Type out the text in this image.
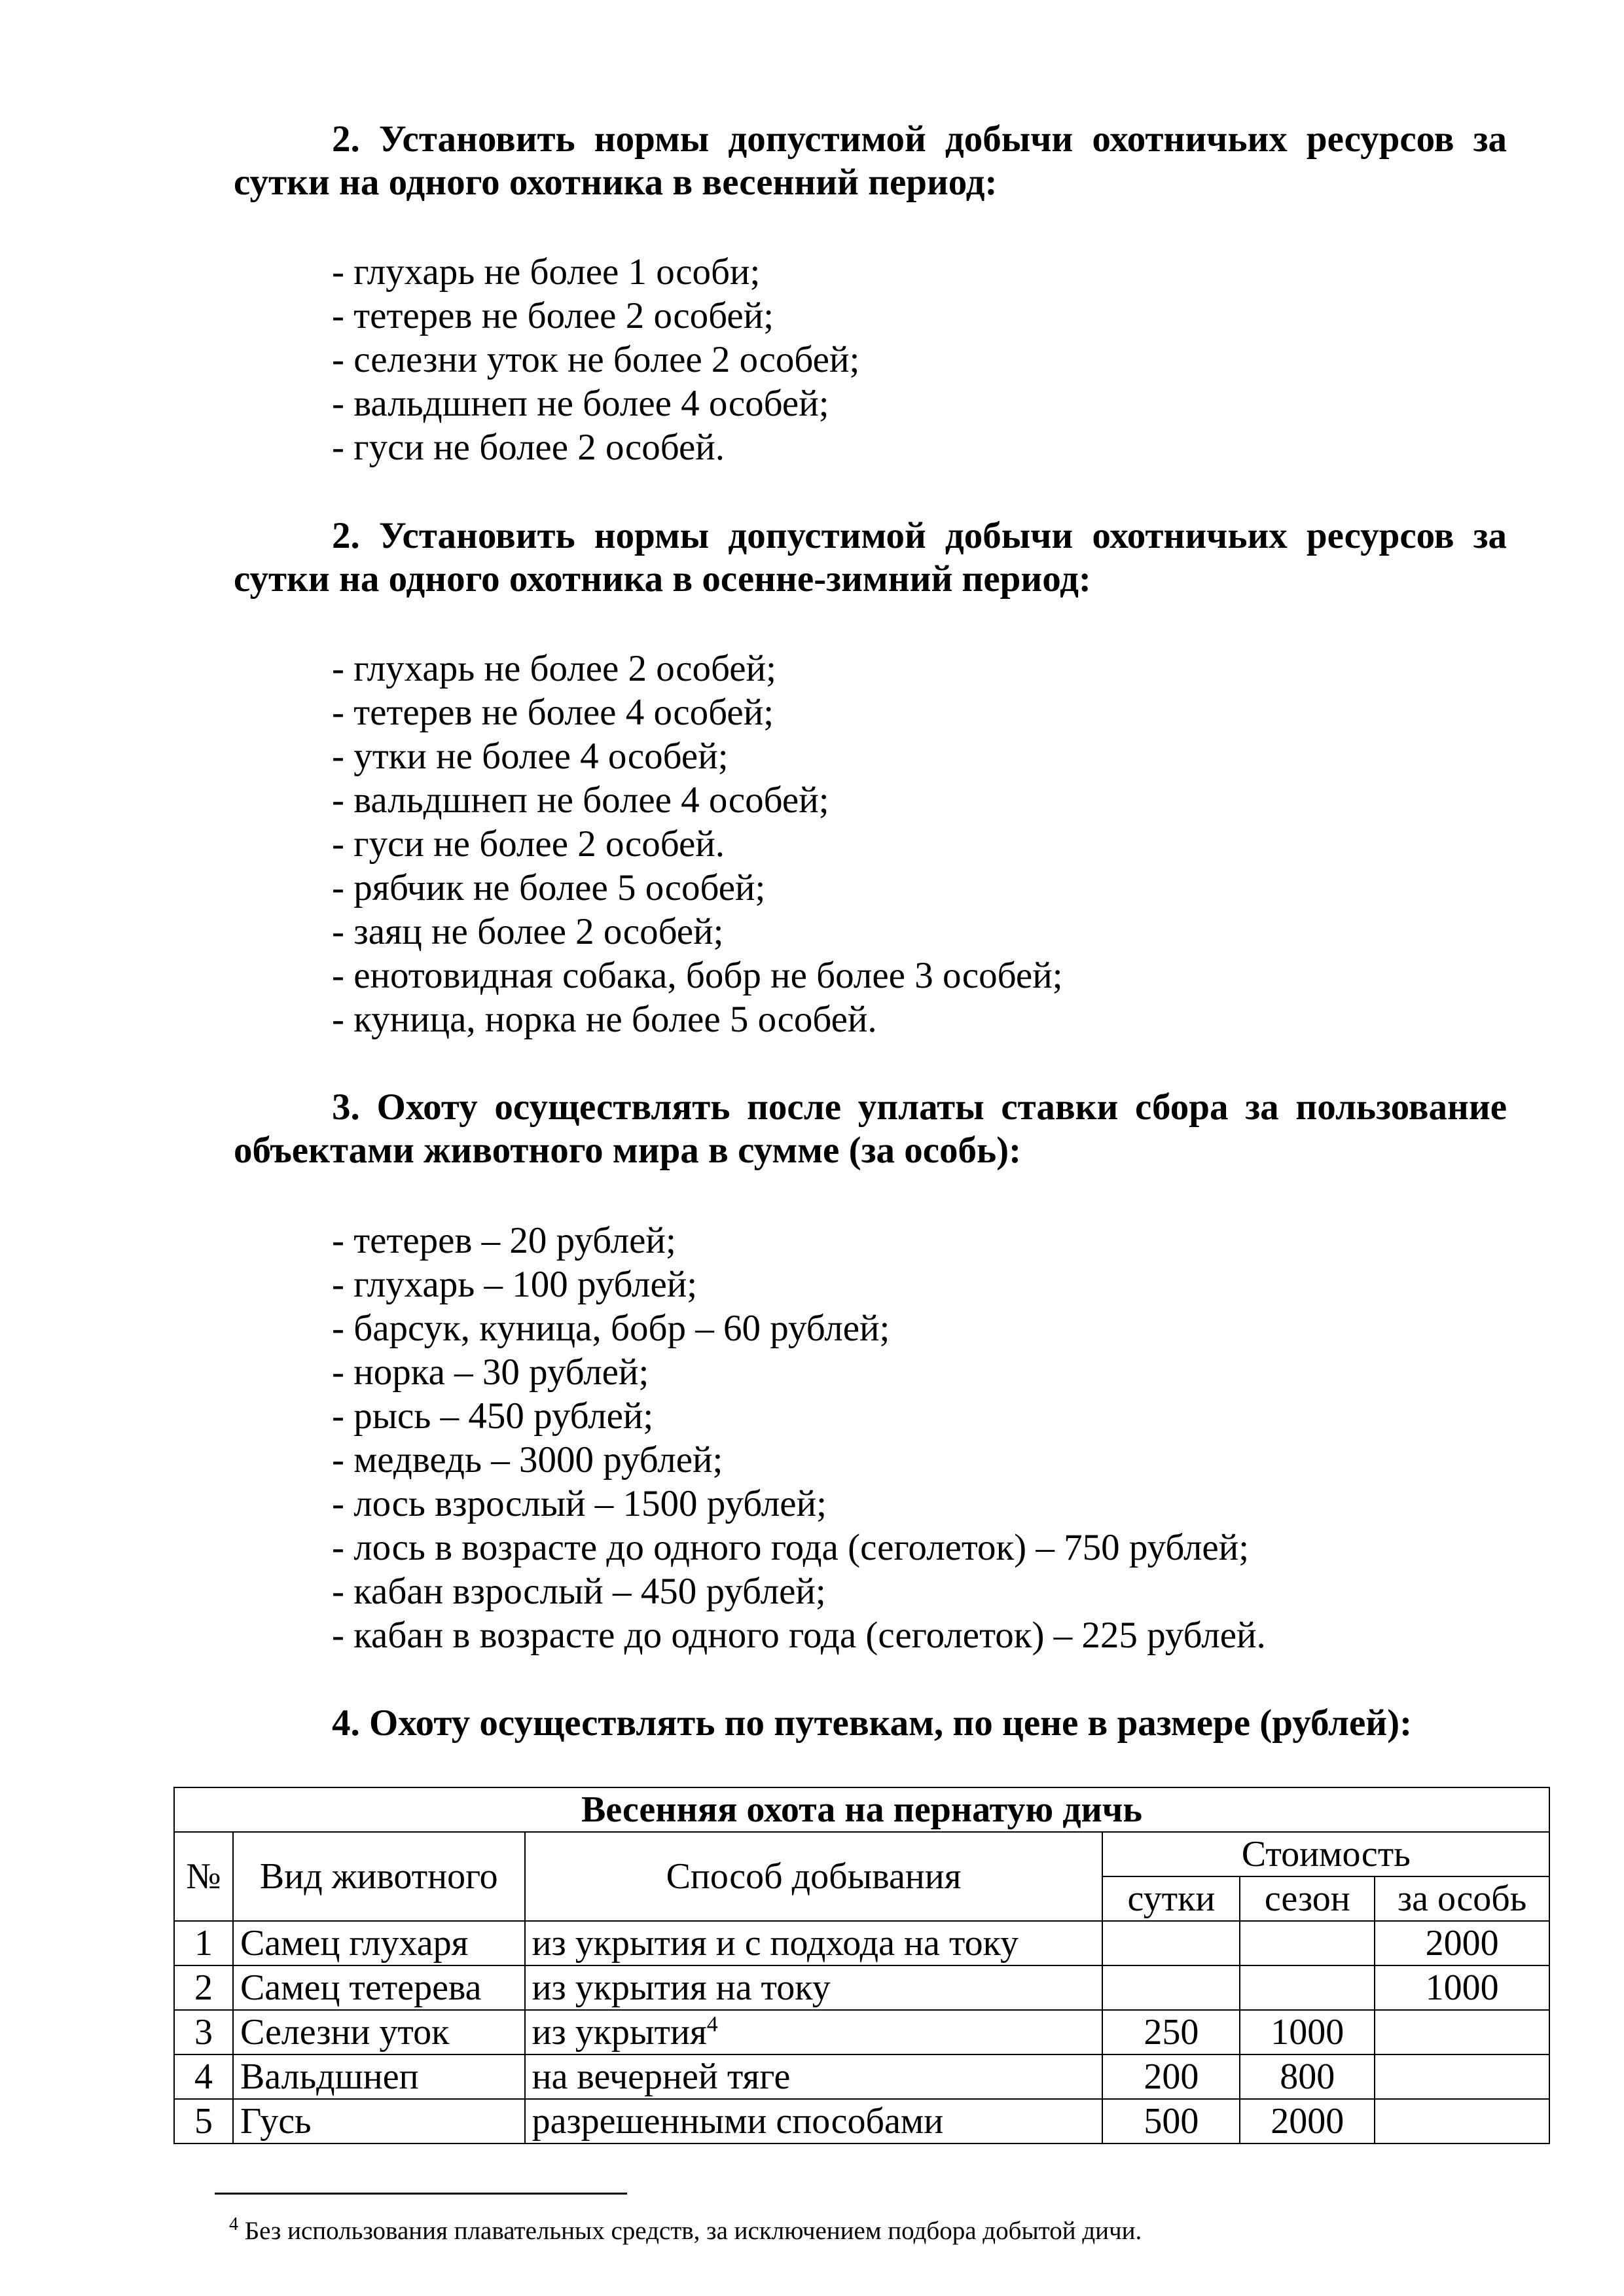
2. Установить нормы допустимой добычи охотничьих ресурсов за
сутки на одного охотника в весенний период:

- глухарь не более 1 особи;
- тетерев не более 2 особей;
- селезни уток не более 2 особей;
- вальдшнеп не более 4 особей;
- гуси не более 2 особей.

2. Установить нормы допустимой добычи охотничьих ресурсов за
сутки на одного охотника в осенне-зимний период:

- глухарь не более 2 особей;
- тетерев не более 4 особей;
- утки не более 4 особей;
- вальдшнеп не более 4 особей;
- гуси не более 2 особей.
- рябчик не более 5 особей;
- заяц не более 2 особей;
- енотовидная собака, бобр не более 3 особей;
- куница, норка не более 5 особей.

3. Охоту осуществлять после уплаты ставки сбора за пользование
объектами животного мира в сумме (за особь):

- тетерев – 20 рублей;
- глухарь – 100 рублей;
- барсук, куница, бобр – 60 рублей;
- норка – 30 рублей;
- рысь – 450 рублей;
- медведь – 3000 рублей;
- лось взрослый – 1500 рублей;
- лось в возрасте до одного года (сеголеток) – 750 рублей;
- кабан взрослый – 450 рублей;
- кабан в возрасте до одного года (сеголеток) – 225 рублей.

4. Охоту осуществлять по путевкам, по цене в размере (рублей):

Весенняя охота на пернатую дичь					
№	Вид животного	Способ добывания	Стоимость		
			сутки	сезон	за особь
1	Самец глухаря	из укрытия и с подхода на току			2000
2	Самец тетерева	из укрытия на току			1000
3	Селезни уток	из укрытия$^4$	250	1000	
4	Вальдшнеп	на вечерней тяге	200	800	
5	Гусь	разрешенными способами	500	2000	
$^4$ Без использования плавательных средств, за исключением подбора добытой дичи.
